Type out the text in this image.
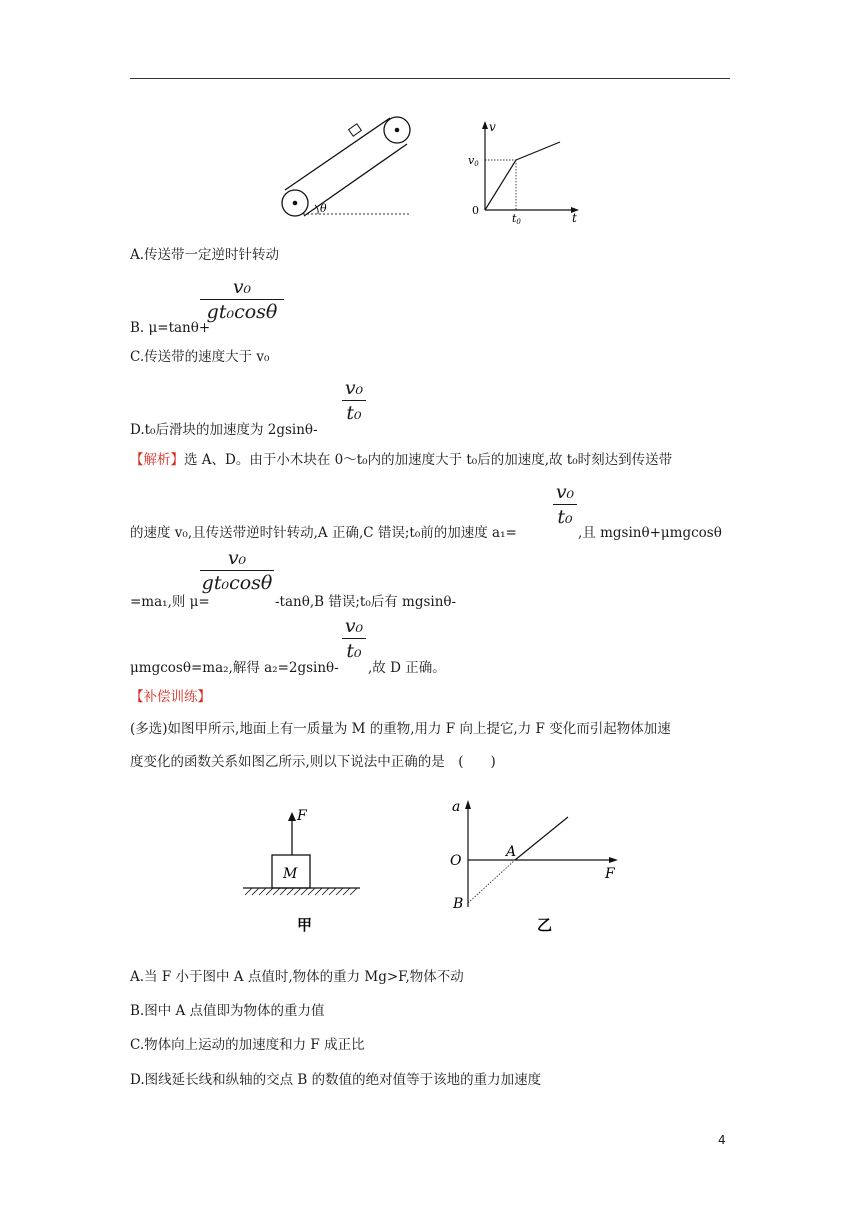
θ
v
v0
0
t0	t
A.传送带一定逆时针转动
v₀
gt₀cosθ
B. μ=tanθ+
C.传送带的速度大于 v₀
v₀
t₀
D.t₀后滑块的加速度为 2gsinθ-
【解析】选 A、D。由于小木块在 0～t₀内的加速度大于 t₀后的加速度,故 t₀时刻达到传送带
v₀
t₀
的速度 v₀,且传送带逆时针转动,A 正确,C 错误;t₀前的加速度 a₁=	,且 mgsinθ+μmgcosθ
v₀
gt₀cosθ
=ma₁,则 μ=	-tanθ,B 错误;t₀后有 mgsinθ-
v₀
t₀
μmgcosθ=ma₂,解得 a₂=2gsinθ- ,故 D 正确。
【补偿训练】
(多选)如图甲所示,地面上有一质量为 M 的重物,用力 F 向上提它,力 F 变化而引起物体加速
度变化的函数关系如图乙所示,则以下说法中正确的是　(　　)
F
M
甲
a
O
A
F
B
乙
A.当 F 小于图中 A 点值时,物体的重力 Mg>F,物体不动
B.图中 A 点值即为物体的重力值
C.物体向上运动的加速度和力 F 成正比
D.图线延长线和纵轴的交点 B 的数值的绝对值等于该地的重力加速度
4
